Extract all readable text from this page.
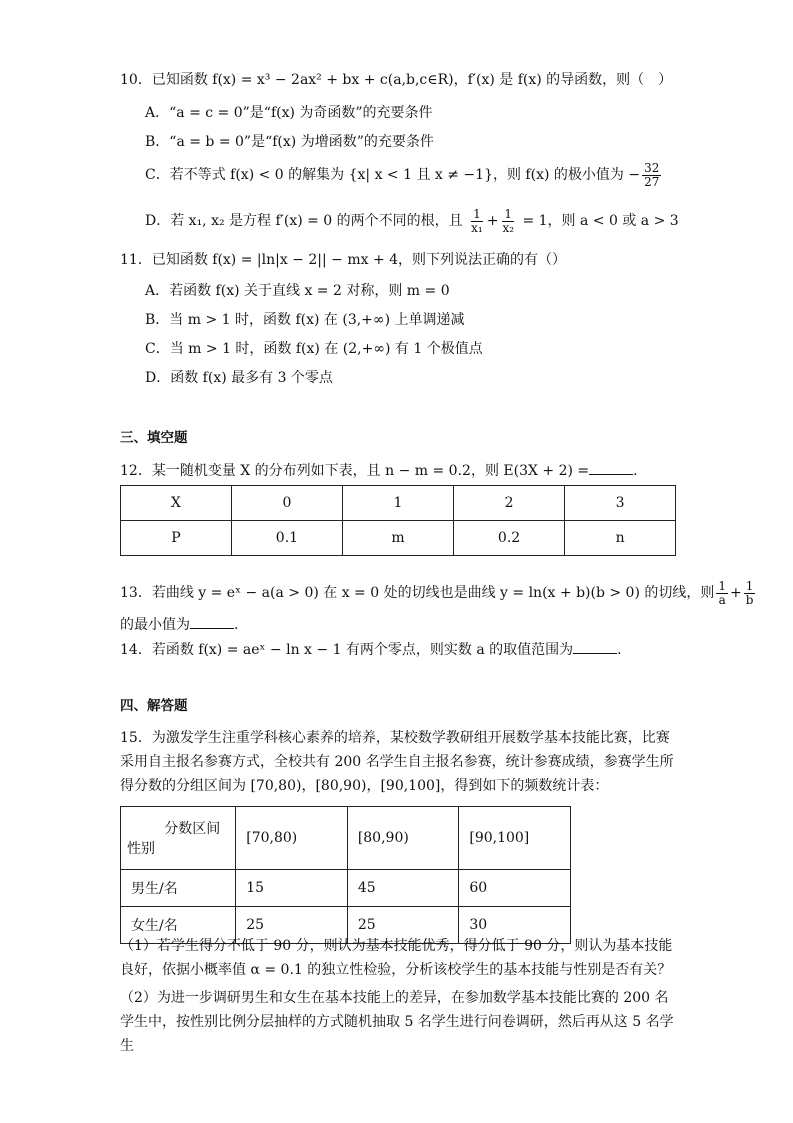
10．已知函数 f(x) = x³ − 2ax² + bx + c(a,b,c∈R)，f′(x) 是 f(x) 的导函数，则（　）
A．“a = c = 0”是“f(x) 为奇函数”的充要条件
B．“a = b = 0”是“f(x) 为增函数”的充要条件
C．若不等式 f(x) < 0 的解集为 {x| x < 1 且 x ≠ −1}，则 f(x) 的极小值为 − $\frac{32}{27}$
D．若 x₁, x₂ 是方程 f′(x) = 0 的两个不同的根，且 $\frac{1}{\text{x₁}} + \frac{1}{\text{x₂}} = 1$，则 a < 0 或 a > 3
11．已知函数 f(x) = |ln|x − 2|| − mx + 4，则下列说法正确的有（）
A．若函数 f(x) 关于直线 x = 2 对称，则 m = 0
B．当 m > 1 时，函数 f(x) 在 (3,+∞) 上单调递减
C．当 m > 1 时，函数 f(x) 在 (2,+∞) 有 1 个极值点
D．函数 f(x) 最多有 3 个零点
三、填空题
12．某一随机变量 X 的分布列如下表，且 n − m = 0.2，则 E(3X + 2) =	.
X	0	1	2	3
P	0.1	m	0.2	n
13．若曲线 y = eˣ − a(a > 0) 在 x = 0 处的切线也是曲线 y = ln(x + b)(b > 0) 的切线，则 $\frac{1}{a} + \frac{1}{b}$
的最小值为	.
14．若函数 f(x) = aeˣ − ln x − 1 有两个零点，则实数 a 的取值范围为	.
四、解答题
15．为激发学生注重学科核心素养的培养，某校数学教研组开展数学基本技能比赛，比赛采用自主报名参赛方式，全校共有 200 名学生自主报名参赛，统计参赛成绩，参赛学生所得分数的分组区间为 [70,80)，[80,90)，[90,100]，得到如下的频数统计表：
分数区间
性别	[70,80)	[80,90)	[90,100]
男生/名	15	45	60
女生/名	25	25	30
（1）若学生得分不低于 90 分，则认为基本技能优秀，得分低于 90 分，则认为基本技能良好，依据小概率值 α = 0.1 的独立性检验，分析该校学生的基本技能与性别是否有关？
（2）为进一步调研男生和女生在基本技能上的差异，在参加数学基本技能比赛的 200 名学生中，按性别比例分层抽样的方式随机抽取 5 名学生进行问卷调研，然后再从这 5 名学生
